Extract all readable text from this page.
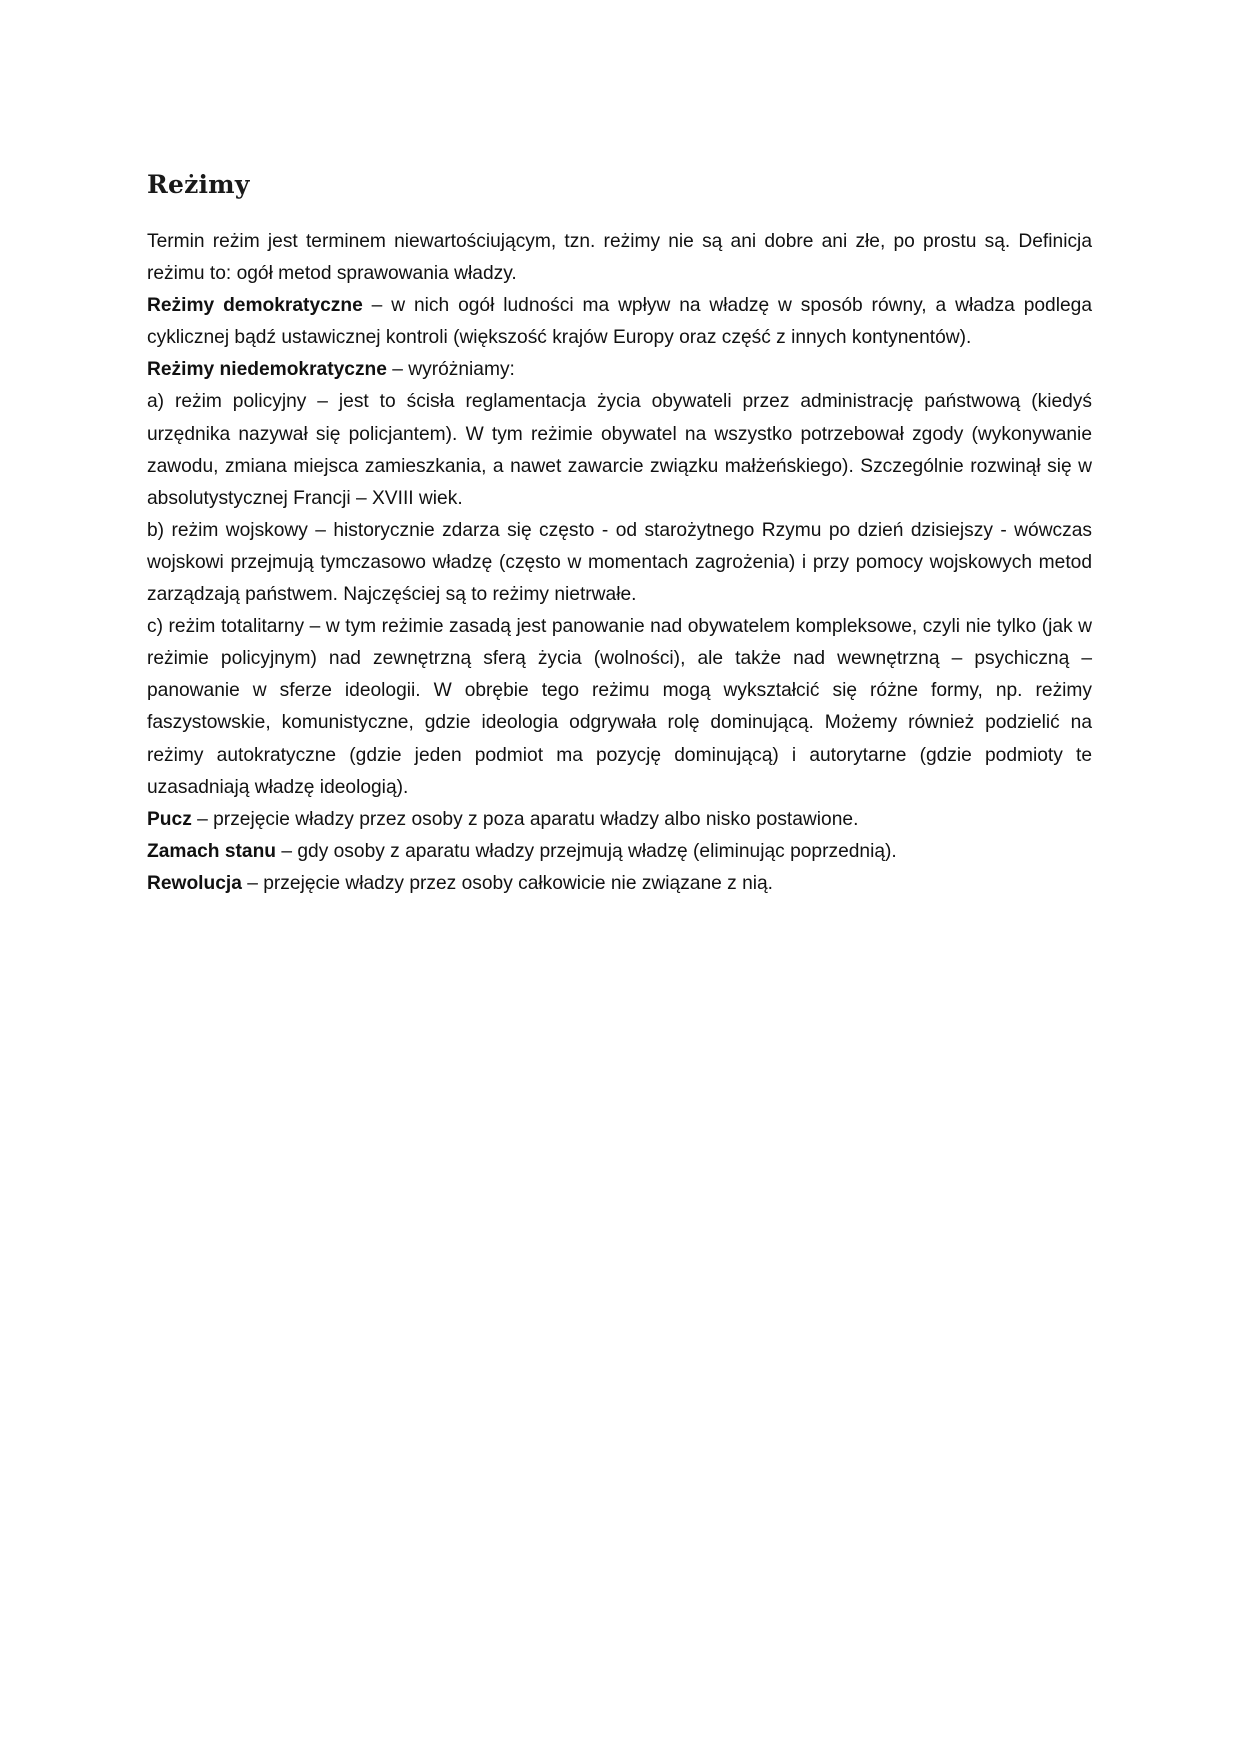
Reżimy

Termin reżim jest terminem niewartościującym, tzn. reżimy nie są ani dobre ani złe, po prostu są. Definicja reżimu to: ogół metod sprawowania władzy.

Reżimy demokratyczne – w nich ogół ludności ma wpływ na władzę w sposób równy, a władza podlega cyklicznej bądź ustawicznej kontroli (większość krajów Europy oraz część z innych kontynentów).

Reżimy niedemokratyczne – wyróżniamy:

a) reżim policyjny – jest to ścisła reglamentacja życia obywateli przez administrację państwową (kiedyś urzędnika nazywał się policjantem). W tym reżimie obywatel na wszystko potrzebował zgody (wykonywanie zawodu, zmiana miejsca zamieszkania, a nawet zawarcie związku małżeńskiego). Szczególnie rozwinął się w absolutystycznej Francji – XVIII wiek.

b) reżim wojskowy – historycznie zdarza się często - od starożytnego Rzymu po dzień dzisiejszy - wówczas wojskowi przejmują tymczasowo władzę (często w momentach zagrożenia) i przy pomocy wojskowych metod zarządzają państwem. Najczęściej są to reżimy nietrwałe.

c) reżim totalitarny – w tym reżimie zasadą jest panowanie nad obywatelem kompleksowe, czyli nie tylko (jak w reżimie policyjnym) nad zewnętrzną sferą życia (wolności), ale także nad wewnętrzną – psychiczną – panowanie w sferze ideologii. W obrębie tego reżimu mogą wykształcić się różne formy, np. reżimy faszystowskie, komunistyczne, gdzie ideologia odgrywała rolę dominującą. Możemy również podzielić na reżimy autokratyczne (gdzie jeden podmiot ma pozycję dominującą) i autorytarne (gdzie podmioty te uzasadniają władzę ideologią).

Pucz – przejęcie władzy przez osoby z poza aparatu władzy albo nisko postawione.

Zamach stanu – gdy osoby z aparatu władzy przejmują władzę (eliminując poprzednią).

Rewolucja – przejęcie władzy przez osoby całkowicie nie związane z nią.
